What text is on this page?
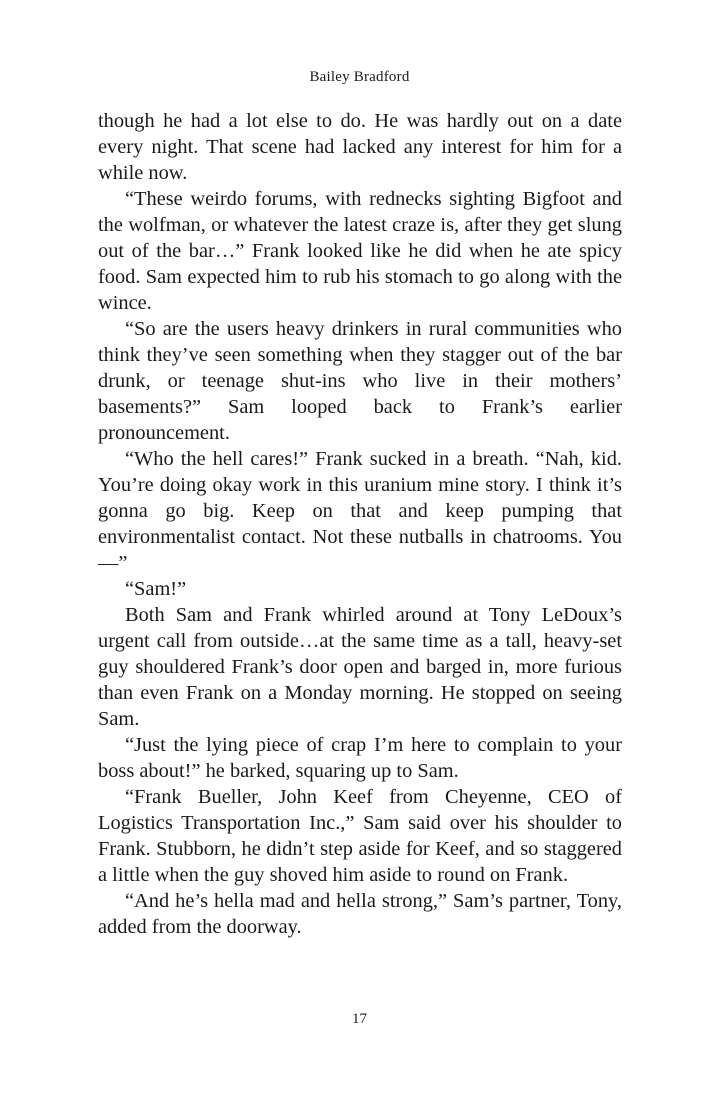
Bailey Bradford

though he had a lot else to do. He was hardly out on a date every night. That scene had lacked any interest for him for a while now.

“These weirdo forums, with rednecks sighting Bigfoot and the wolfman, or whatever the latest craze is, after they get slung out of the bar…” Frank looked like he did when he ate spicy food. Sam expected him to rub his stomach to go along with the wince.

“So are the users heavy drinkers in rural communities who think they’ve seen something when they stagger out of the bar drunk, or teenage shut-ins who live in their mothers’ basements?” Sam looped back to Frank’s earlier pronouncement.

“Who the hell cares!” Frank sucked in a breath. “Nah, kid. You’re doing okay work in this uranium mine story. I think it’s gonna go big. Keep on that and keep pumping that environmentalist contact. Not these nutballs in chatrooms. You—”

“Sam!”

Both Sam and Frank whirled around at Tony LeDoux’s urgent call from outside…at the same time as a tall, heavy-set guy shouldered Frank’s door open and barged in, more furious than even Frank on a Monday morning. He stopped on seeing Sam.

“Just the lying piece of crap I’m here to complain to your boss about!” he barked, squaring up to Sam.

“Frank Bueller, John Keef from Cheyenne, CEO of Logistics Transportation Inc.,” Sam said over his shoulder to Frank. Stubborn, he didn’t step aside for Keef, and so staggered a little when the guy shoved him aside to round on Frank.

“And he’s hella mad and hella strong,” Sam’s partner, Tony, added from the doorway.

17
